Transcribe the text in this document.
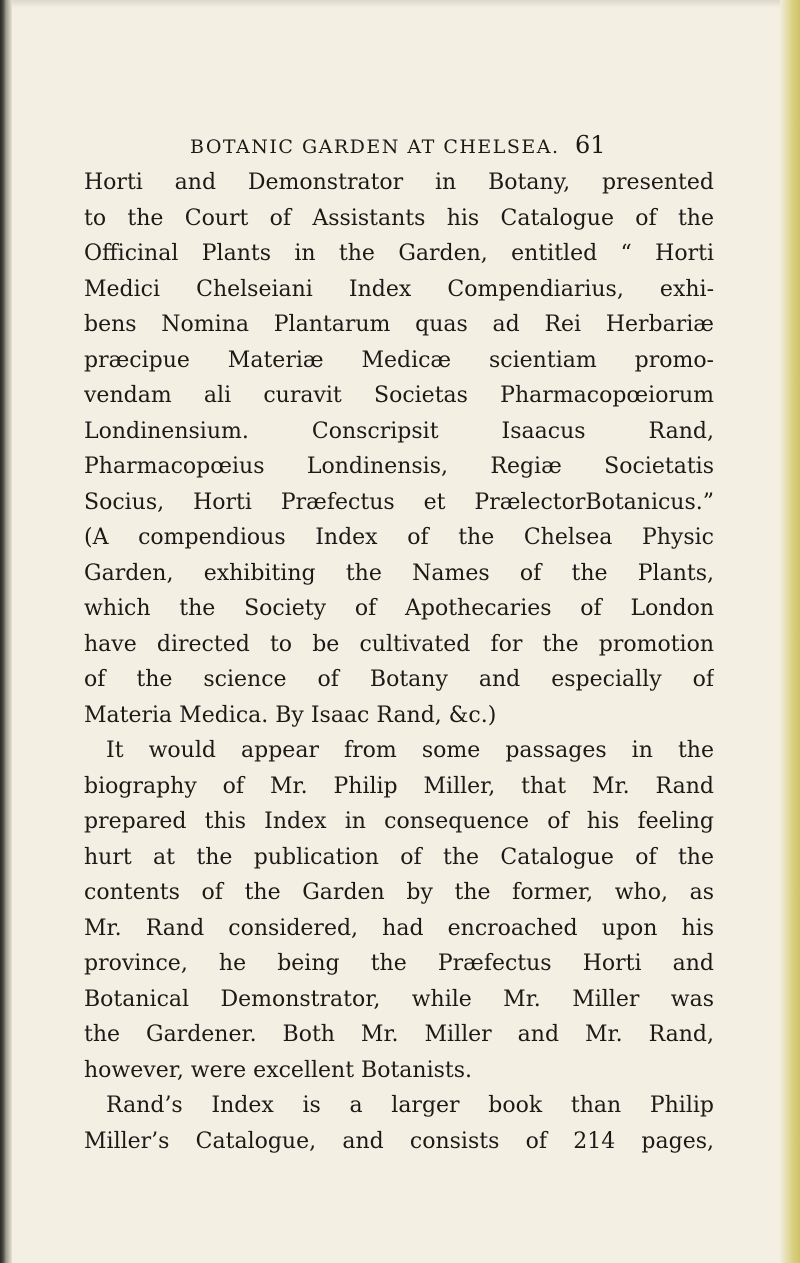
BOTANIC GARDEN AT CHELSEA. 61
Horti and Demonstrator in Botany, presented
to the Court of Assistants his Catalogue of the
Officinal Plants in the Garden, entitled “ Horti
Medici Chelseiani Index Compendiarius, exhi-
bens Nomina Plantarum quas ad Rei Herbariæ
præcipue Materiæ Medicæ scientiam promo-
vendam ali curavit Societas Pharmacopœiorum
Londinensium. Conscripsit Isaacus Rand,
Pharmacopœius Londinensis, Regiæ Societatis
Socius, Horti Præfectus et PrælectorBotanicus.”
(A compendious Index of the Chelsea Physic
Garden, exhibiting the Names of the Plants,
which the Society of Apothecaries of London
have directed to be cultivated for the promotion
of the science of Botany and especially of
Materia Medica. By Isaac Rand, &c.)
It would appear from some passages in the
biography of Mr. Philip Miller, that Mr. Rand
prepared this Index in consequence of his feeling
hurt at the publication of the Catalogue of the
contents of the Garden by the former, who, as
Mr. Rand considered, had encroached upon his
province, he being the Præfectus Horti and
Botanical Demonstrator, while Mr. Miller was
the Gardener. Both Mr. Miller and Mr. Rand,
however, were excellent Botanists.
Rand’s Index is a larger book than Philip
Miller’s Catalogue, and consists of 214 pages,
